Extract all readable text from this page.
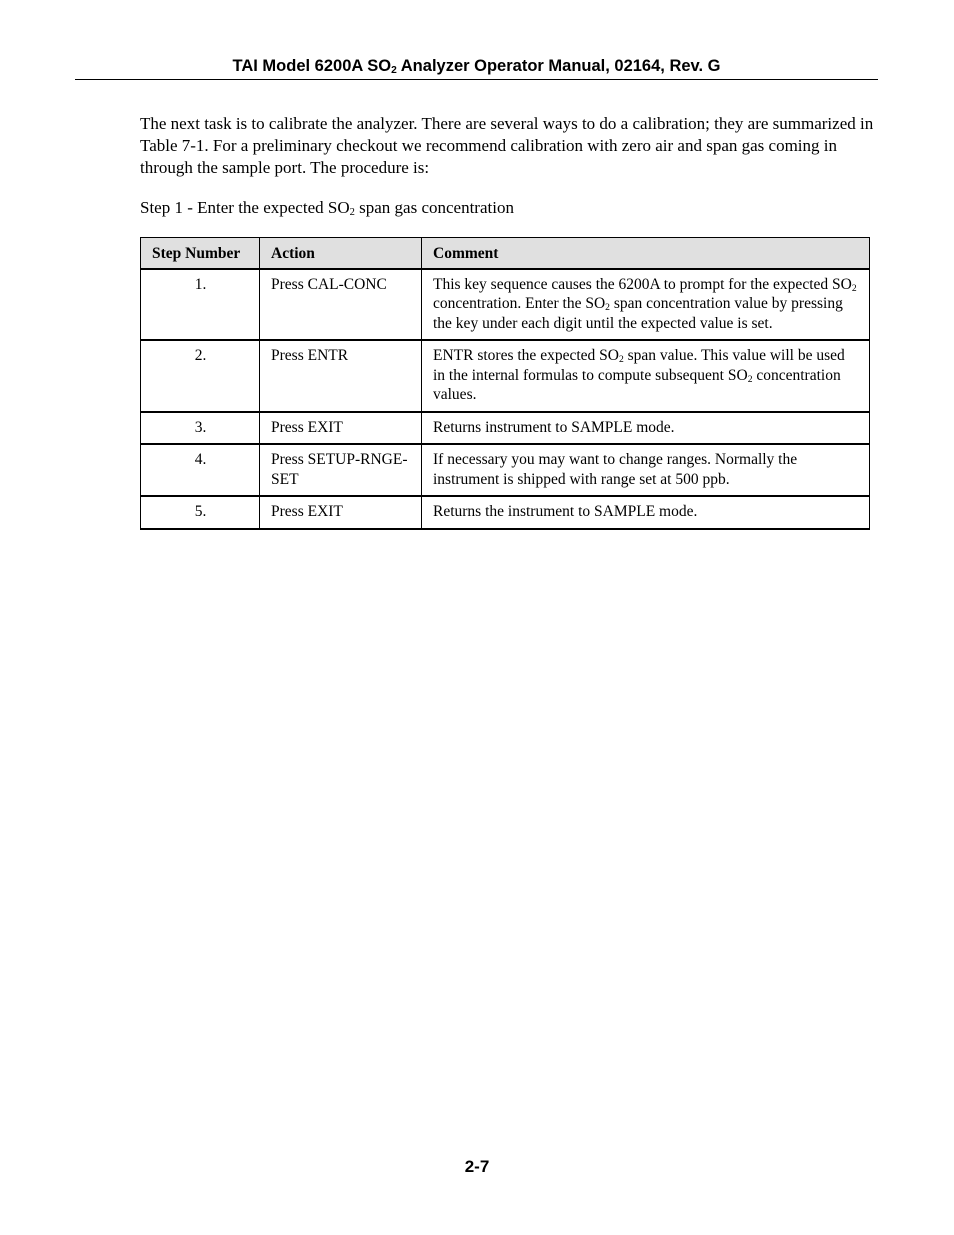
TAI Model 6200A $SO_2$ Analyzer Operator Manual, 02164, Rev. G

The next task is to calibrate the analyzer. There are several ways to do a calibration; they are summarized in Table 7-1. For a preliminary checkout we recommend calibration with zero air and span gas coming in through the sample port. The procedure is:

Step 1 - Enter the expected $SO_2$ span gas concentration

Step Number	Action	Comment
1.	Press CAL-CONC	This key sequence causes the 6200A to prompt for the expected $SO_2$ concentration. Enter the $SO_2$ span concentration value by pressing the key under each digit until the expected value is set.
2.	Press ENTR	ENTR stores the expected $SO_2$ span value. This value will be used in the internal formulas to compute subsequent $SO_2$ concentration values.
3.	Press EXIT	Returns instrument to SAMPLE mode.
4.	Press SETUP-RNGE-SET	If necessary you may want to change ranges. Normally the instrument is shipped with range set at 500 ppb.
5.	Press EXIT	Returns the instrument to SAMPLE mode.
2-7
